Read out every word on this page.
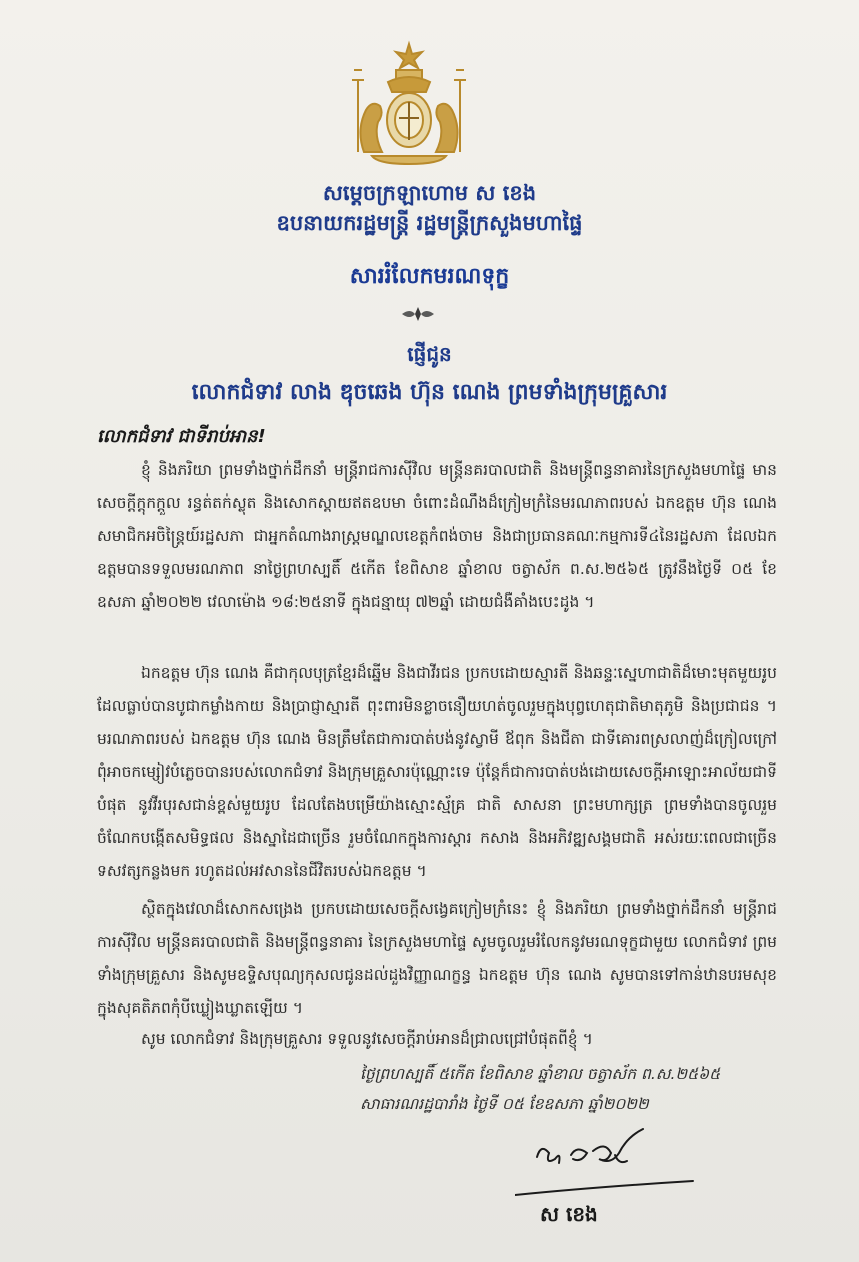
សម្តេចក្រឡាហោម ស ខេង
ឧបនាយករដ្ឋមន្ត្រី រដ្ឋមន្ត្រីក្រសួងមហាផ្ទៃ
សាររំលែកមរណទុក្ខ
ផ្ញើជូន
លោកជំទាវ លាង ឌុចឆេង ហ៊ុន ណេង ព្រមទាំងក្រុមគ្រួសារ
លោកជំទាវ ជាទីរាប់អាន!
ខ្ញុំ និងភរិយា ព្រមទាំងថ្នាក់ដឹកនាំ មន្ត្រីរាជការស៊ីវិល មន្ត្រីនគរបាលជាតិ និងមន្ត្រីពន្ធនាគារនៃក្រសួងមហាផ្ទៃ មានសេចក្តីក្តុកក្តួល រន្ធត់តក់ស្លុត និងសោកស្តាយឥតឧបមា ចំពោះដំណឹងដ៏ក្រៀមក្រំនៃមរណភាពរបស់ ឯកឧត្តម ហ៊ុន ណេង សមាជិកអចិន្ត្រៃយ៍រដ្ឋសភា ជាអ្នកតំណាងរាស្ត្រមណ្ឌលខេត្តកំពង់ចាម និងជាប្រធានគណៈកម្មការទី៤នៃរដ្ឋសភា ដែលឯកឧត្តមបានទទួលមរណភាព នាថ្ងៃព្រហស្បតិ៍ ៥កើត ខែពិសាខ ឆ្នាំខាល ចត្វាស័ក ព.ស.២៥៦៥ ត្រូវនឹងថ្ងៃទី ០៥ ខែឧសភា ឆ្នាំ២០២២ វេលាម៉ោង ១៨:២៥នាទី ក្នុងជន្មាយុ ៧២ឆ្នាំ ដោយជំងឺគាំងបេះដូង ។
ឯកឧត្តម ហ៊ុន ណេង គឺជាកុលបុត្រខ្មែរដ៏ឆ្នើម និងជាវីរជន ប្រកបដោយស្មារតី និងឆន្ទៈស្នេហាជាតិដ៏មោះមុតមួយរូប ដែលធ្លាប់បានបូជាកម្លាំងកាយ និងប្រាជ្ញាស្មារតី ពុះពារមិនខ្លាចនឿយហត់ចូលរួមក្នុងបុព្វហេតុជាតិមាតុភូមិ និងប្រជាជន ។ មរណភាពរបស់ ឯកឧត្តម ហ៊ុន ណេង មិនត្រឹមតែជាការបាត់បង់នូវស្វាមី ឪពុក និងជីតា ជាទីគោរពស្រលាញ់ដ៏ក្រៀលក្រៅពុំអាចកម្សៀវបំភ្លេចបានរបស់លោកជំទាវ និងក្រុមគ្រួសារប៉ុណ្ណោះទេ ប៉ុន្តែក៏ជាការបាត់បង់ដោយសេចក្តីអាឡោះអាល័យជាទីបំផុត នូវវីរបុរសជាន់ខ្ពស់មួយរូប ដែលតែងបម្រើយ៉ាងស្មោះស្ម័គ្រ ជាតិ សាសនា ព្រះមហាក្សត្រ ព្រមទាំងបានចូលរួមចំណែកបង្កើតសមិទ្ធផល និងស្នាដៃជាច្រើន រួមចំណែកក្នុងការស្តារ កសាង និងអភិវឌ្ឍសង្គមជាតិ អស់រយៈពេលជាច្រើនទសវត្សកន្លងមក រហូតដល់អវសាននៃជីវិតរបស់ឯកឧត្តម ។
ស្ថិតក្នុងវេលាដ៏សោកសង្រេង ប្រកបដោយសេចក្តីសង្វេគក្រៀមក្រំនេះ ខ្ញុំ និងភរិយា ព្រមទាំងថ្នាក់ដឹកនាំ មន្ត្រីរាជការស៊ីវិល មន្ត្រីនគរបាលជាតិ និងមន្ត្រីពន្ធនាគារ នៃក្រសួងមហាផ្ទៃ សូមចូលរួមរំលែកនូវមរណទុក្ខជាមួយ លោកជំទាវ ព្រមទាំងក្រុមគ្រួសារ និងសូមឧទ្ទិសបុណ្យកុសលជូនដល់ដួងវិញ្ញាណក្ខន្ធ ឯកឧត្តម ហ៊ុន ណេង សូមបានទៅកាន់ឋានបរមសុខក្នុងសុគតិភពកុំបីឃ្លៀងឃ្លាតឡើយ ។
សូម លោកជំទាវ និងក្រុមគ្រួសារ ទទួលនូវសេចក្តីរាប់អានដ៏ជ្រាលជ្រៅបំផុតពីខ្ញុំ ។
ថ្ងៃព្រហស្បតិ៍ ៥កើត ខែពិសាខ ឆ្នាំខាល ចត្វាស័ក ព.ស.២៥៦៥
សាធារណរដ្ឋបារាំង ថ្ងៃទី ០៥ ខែឧសភា ឆ្នាំ២០២២
ស ខេង
